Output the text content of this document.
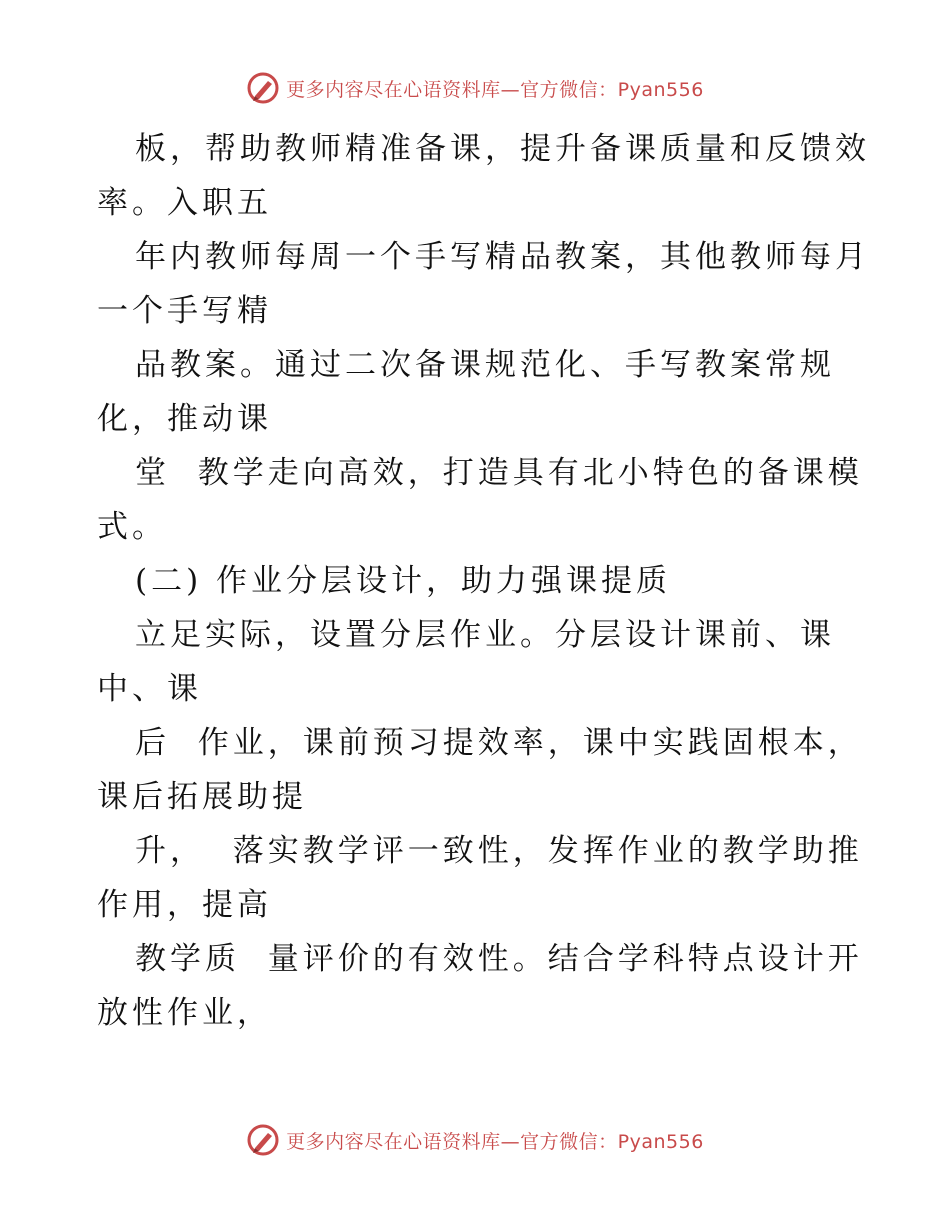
更多内容尽在心语资料库—官方微信：Pyan556
板，帮助教师精准备课，提升备课质量和反馈效
率。入职五
年内教师每周一个手写精品教案，其他教师每月
一个手写精
品教案。通过二次备课规范化、手写教案常规
化，推动课
堂  教学走向高效，打造具有北小特色的备课模
式。
(二) 作业分层设计，助力强课提质
立足实际，设置分层作业。分层设计课前、课
中、课
后  作业，课前预习提效率，课中实践固根本，
课后拓展助提
升，  落实教学评一致性，发挥作业的教学助推
作用，提高
教学质  量评价的有效性。结合学科特点设计开
放性作业，
更多内容尽在心语资料库—官方微信：Pyan556
